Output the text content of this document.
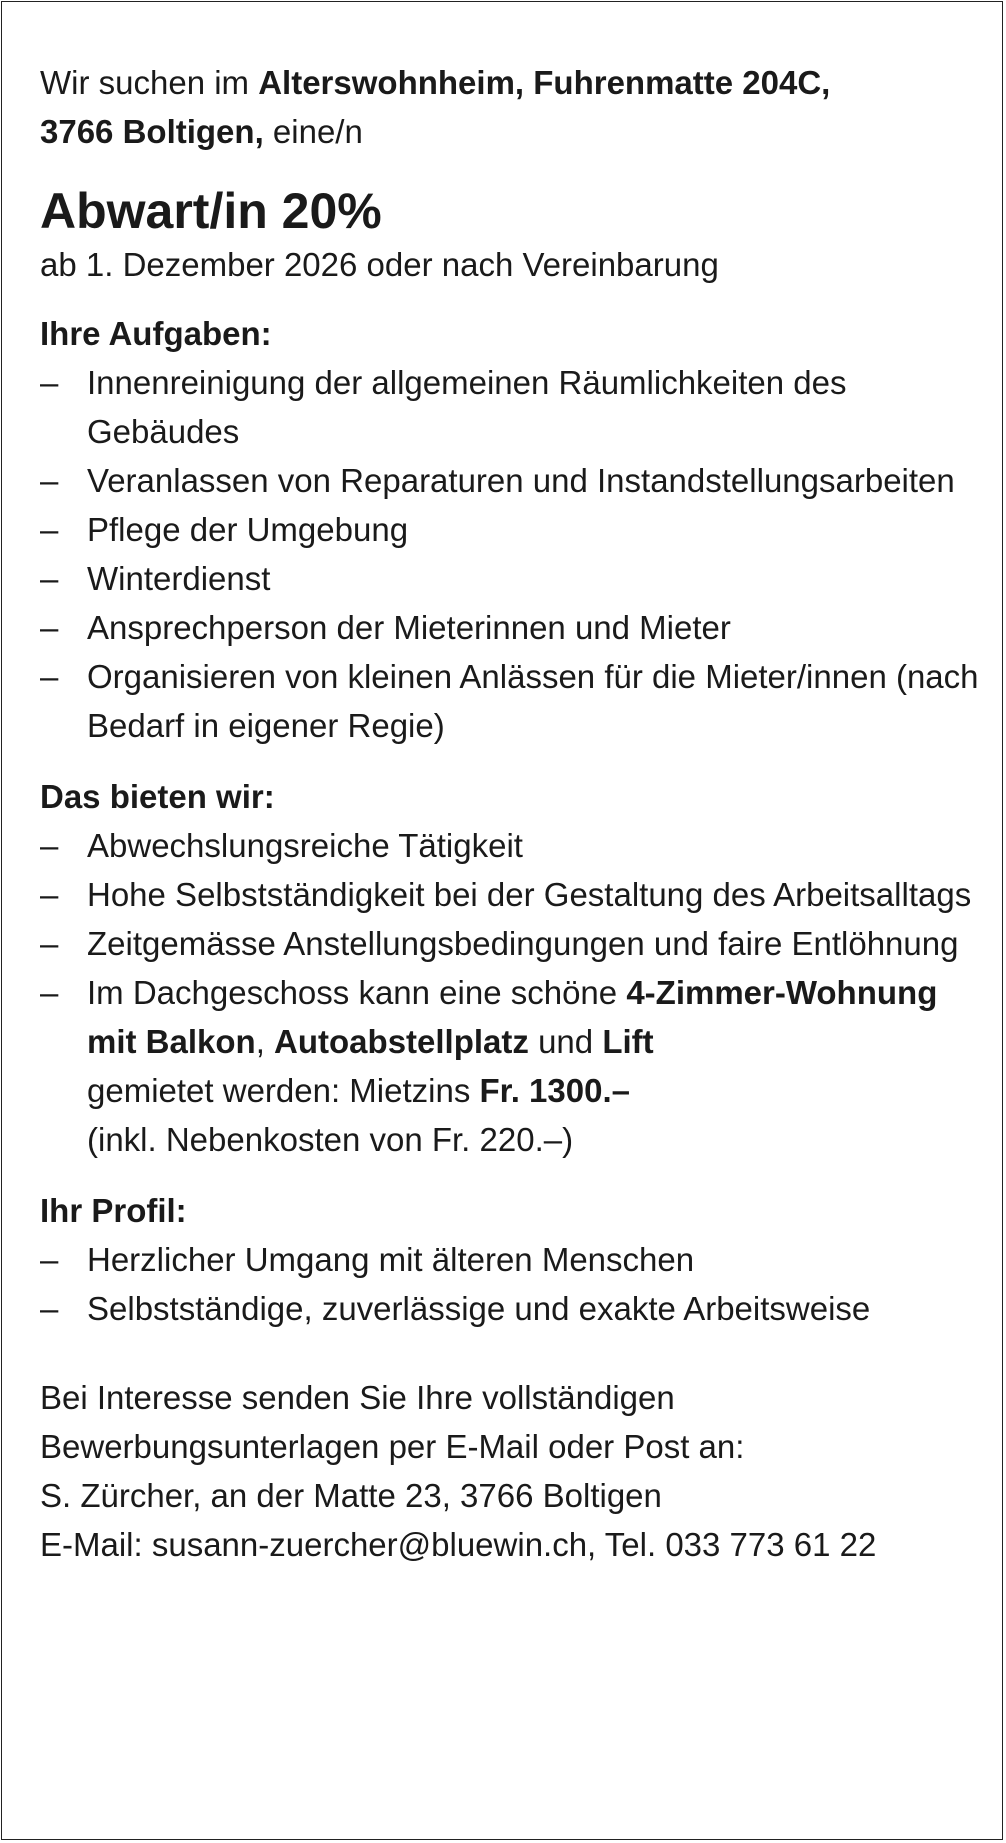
Wir suchen im Alterswohnheim, Fuhrenmatte 204C,
3766 Boltigen, eine/n

Abwart/in 20%

ab 1. Dezember 2026 oder nach Vereinbarung

Ihre Aufgaben:
– Innenreinigung der allgemeinen Räumlichkeiten des Gebäudes
– Veranlassen von Reparaturen und Instandstellungsarbeiten
– Pflege der Umgebung
– Winterdienst
– Ansprechperson der Mieterinnen und Mieter
– Organisieren von kleinen Anlässen für die Mieter/innen (nach Bedarf in eigener Regie)
Das bieten wir:
– Abwechslungsreiche Tätigkeit
– Hohe Selbstständigkeit bei der Gestaltung des Arbeitsalltags
– Zeitgemässe Anstellungsbedingungen und faire Entlöhnung
– Im Dachgeschoss kann eine schöne 4-Zimmer-Wohnung mit Balkon, Autoabstellplatz und Lift
gemietet werden: Mietzins Fr. 1300.–
(inkl. Nebenkosten von Fr. 220.–)
Ihr Profil:
– Herzlicher Umgang mit älteren Menschen
– Selbstständige, zuverlässige und exakte Arbeitsweise
Bei Interesse senden Sie Ihre vollständigen
Bewerbungsunterlagen per E-Mail oder Post an:
S. Zürcher, an der Matte 23, 3766 Boltigen
E-Mail: susann-zuercher@bluewin.ch, Tel. 033 773 61 22
